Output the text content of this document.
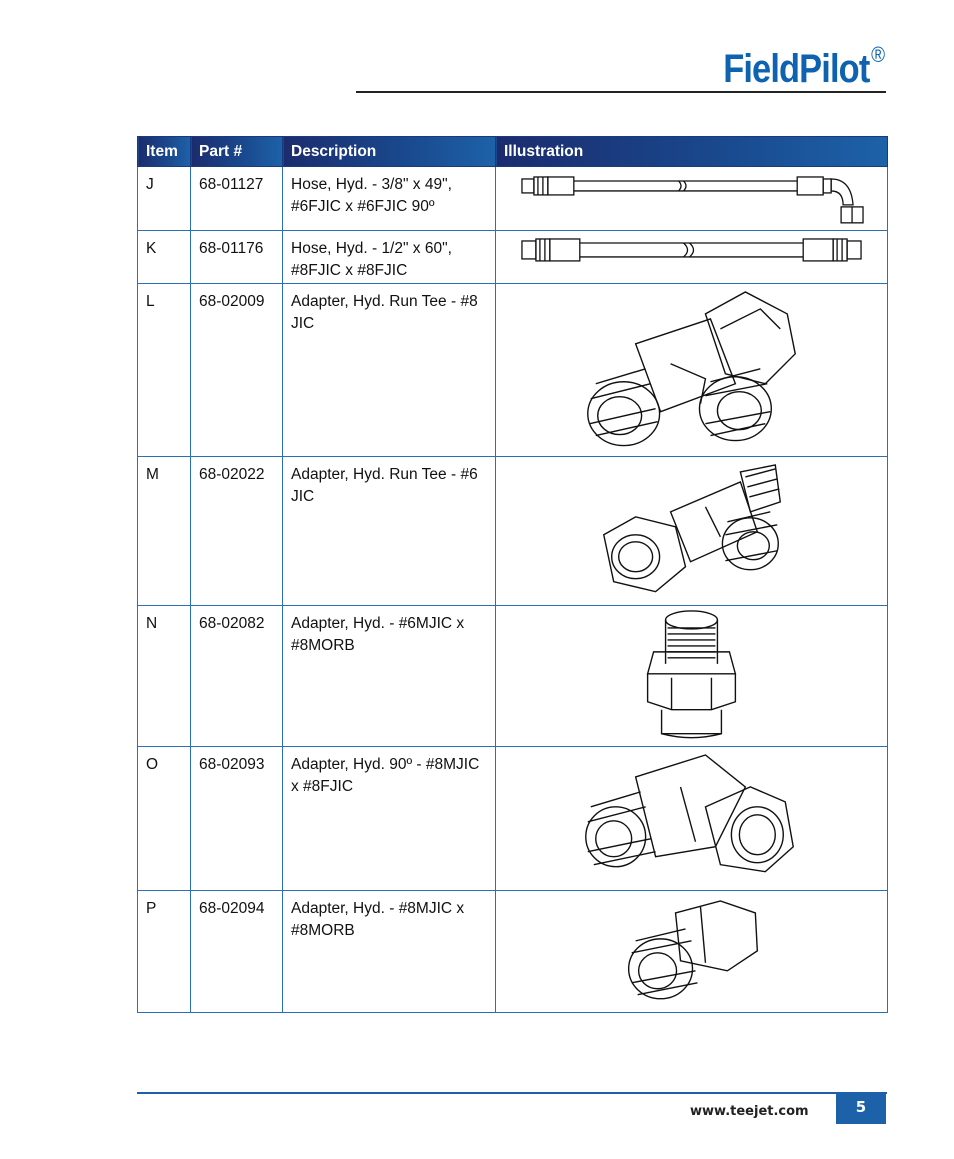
FieldPilot®
Item	Part #	Description	Illustration
J	68-01127	Hose, Hyd. - 3/8" x 49",
#6FJIC x #6FJIC 90º	

K	68-01176	Hose, Hyd. - 1/2" x 60",
#8FJIC x #8FJIC	

L	68-02009	Adapter, Hyd. Run Tee - #8
JIC	

M	68-02022	Adapter, Hyd. Run Tee - #6
JIC	

N	68-02082	Adapter, Hyd. - #6MJIC x
#8MORB	

O	68-02093	Adapter, Hyd. 90º - #8MJIC
x #8FJIC	

P	68-02094	Adapter, Hyd. - #8MJIC x
#8MORB	
www.teejet.com	5
